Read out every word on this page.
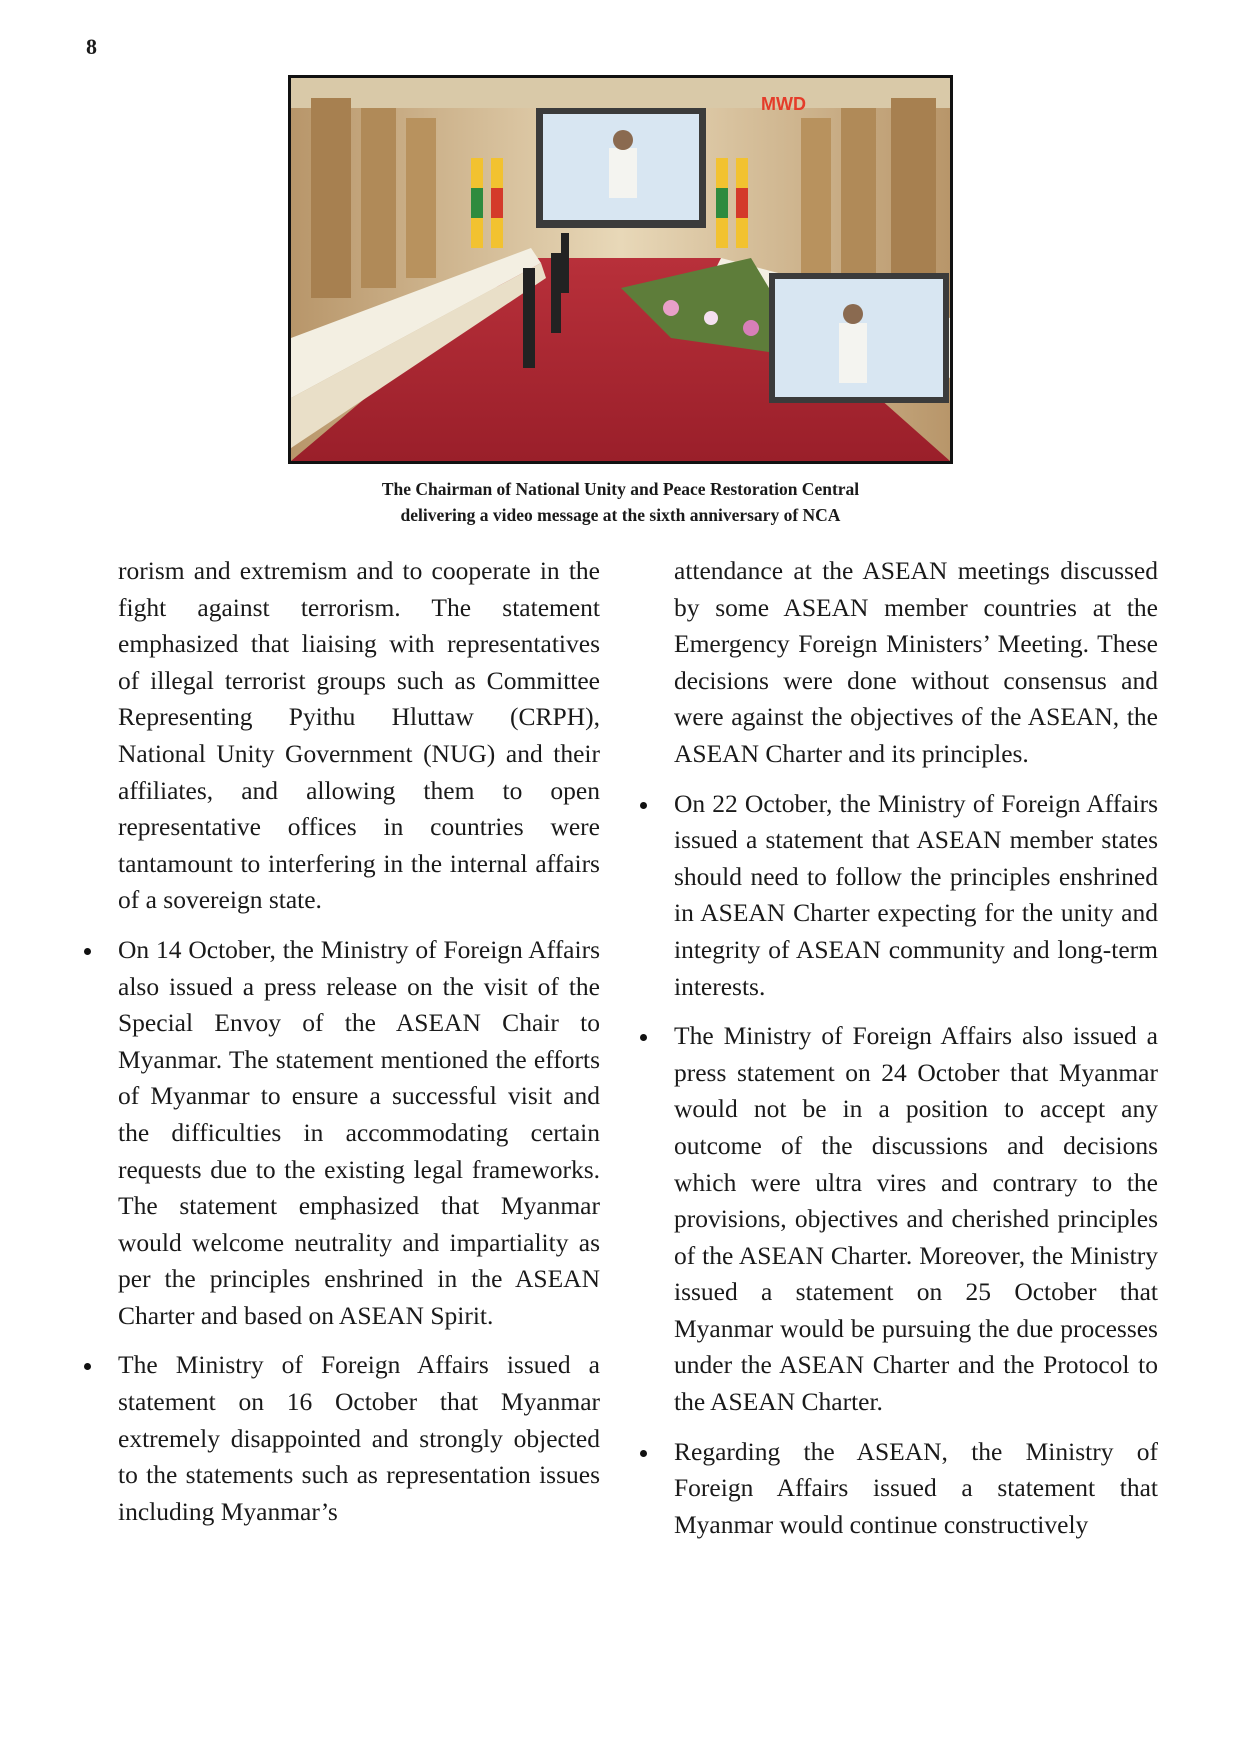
8
MWD
The Chairman of National Unity and Peace Restoration Central
delivering a video message at the sixth anniversary of NCA

rorism and extremism and to cooperate in the fight against terrorism. The statement emphasized that liaising with representatives of illegal terrorist groups such as Committee Representing Pyithu Hluttaw (CRPH), National Unity Government (NUG) and their affiliates, and allowing them to open representative offices in countries were tantamount to interfering in the internal affairs of a sovereign state.

On 14 October, the Ministry of Foreign Affairs also issued a press release on the visit of the Special Envoy of the ASEAN Chair to Myanmar. The statement mentioned the efforts of Myanmar to ensure a successful visit and the difficulties in accommodating certain requests due to the existing legal frameworks. The statement emphasized that Myanmar would welcome neutrality and impartiality as per the principles enshrined in the ASEAN Charter and based on ASEAN Spirit.
The Ministry of Foreign Affairs issued a statement on 16 October that Myanmar extremely disappointed and strongly objected to the statements such as representation issues including Myanmar’s

attendance at the ASEAN meetings discussed by some ASEAN member countries at the Emergency Foreign Ministers’ Meeting. These decisions were done without consensus and were against the objectives of the ASEAN, the ASEAN Charter and its principles.

On 22 October, the Ministry of Foreign Affairs issued a statement that ASEAN member states should need to follow the principles enshrined in ASEAN Charter expecting for the unity and integrity of ASEAN community and long-term interests.
The Ministry of Foreign Affairs also issued a press statement on 24 October that Myanmar would not be in a position to accept any outcome of the discussions and decisions which were ultra vires and contrary to the provisions, objectives and cherished principles of the ASEAN Charter. Moreover, the Ministry issued a statement on 25 October that Myanmar would be pursuing the due processes under the ASEAN Charter and the Protocol to the ASEAN Charter.
Regarding the ASEAN, the Ministry of Foreign Affairs issued a statement that Myanmar would continue constructively
